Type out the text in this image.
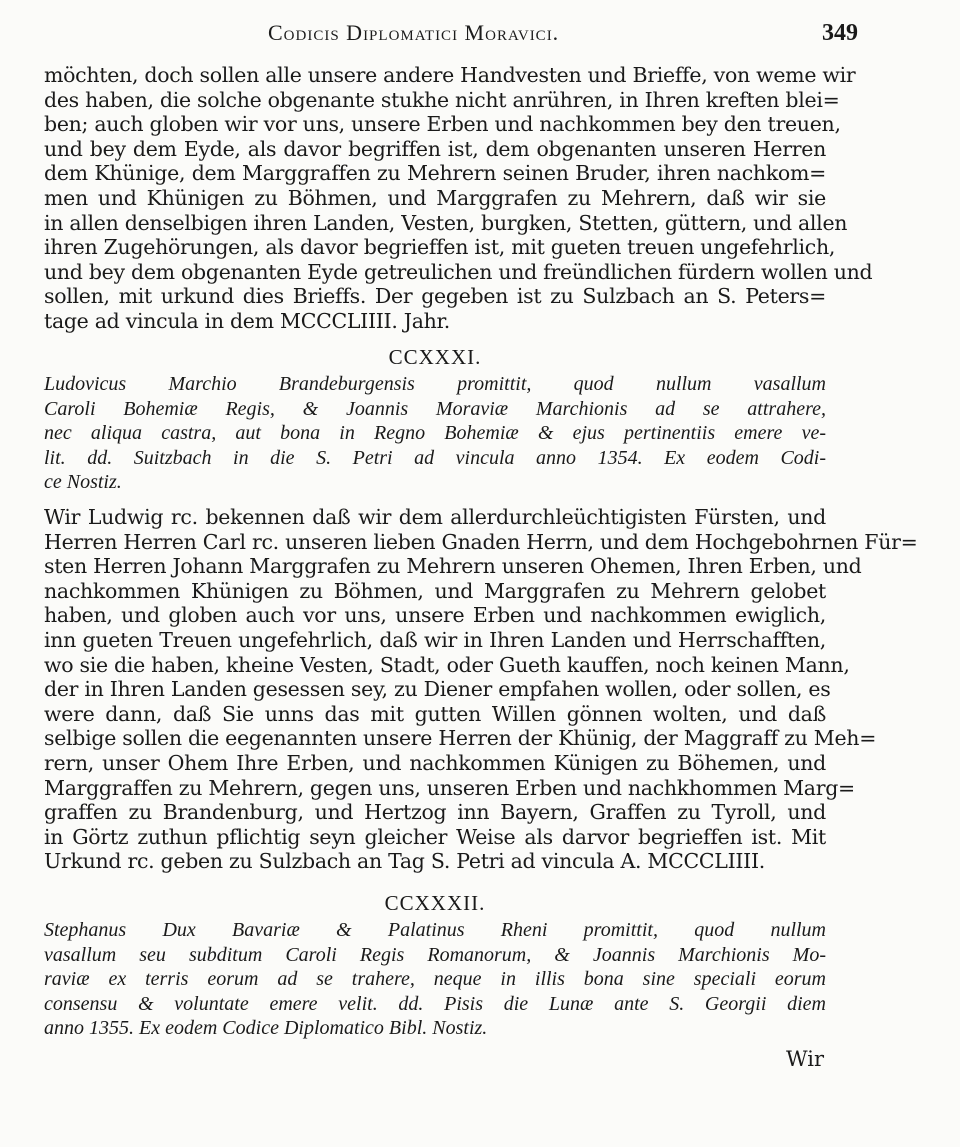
Codicis Diplomatici Moravici.	349
möchten, doch sollen alle unsere andere Handvesten und Brieffe, von weme wir
des haben, die solche obgenante stukhe nicht anrühren, in Ihren kreften blei=
ben; auch globen wir vor uns, unsere Erben und nachkommen bey den treuen,
und bey dem Eyde, als davor begriffen ist, dem obgenanten unseren Herren
dem Khünige, dem Marggraffen zu Mehrern seinen Bruder, ihren nachkom=
men und Khünigen zu Böhmen, und Marggrafen zu Mehrern, daß wir sie
in allen denselbigen ihren Landen, Vesten, burgken, Stetten, güttern, und allen
ihren Zugehörungen, als davor begrieffen ist, mit gueten treuen ungefehrlich,
und bey dem obgenanten Eyde getreulichen und freündlichen fürdern wollen und
sollen, mit urkund dies Brieffs. Der gegeben ist zu Sulzbach an S. Peters=
tage ad vincula in dem MCCCLIIII. Jahr.
CCXXXI.
Ludovicus Marchio Brandeburgensis promittit, quod nullum vasallum
Caroli Bohemiæ Regis, & Joannis Moraviæ Marchionis ad se attrahere,
nec aliqua castra, aut bona in Regno Bohemiæ & ejus pertinentiis emere ve-
lit. dd. Suitzbach in die S. Petri ad vincula anno 1354. Ex eodem Codi-
ce Nostiz.
Wir Ludwig rc. bekennen daß wir dem allerdurchleüchtigisten Fürsten, und
Herren Herren Carl rc. unseren lieben Gnaden Herrn, und dem Hochgebohrnen Für=
sten Herren Johann Marggrafen zu Mehrern unseren Ohemen, Ihren Erben, und
nachkommen Khünigen zu Böhmen, und Marggrafen zu Mehrern gelobet
haben, und globen auch vor uns, unsere Erben und nachkommen ewiglich,
inn gueten Treuen ungefehrlich, daß wir in Ihren Landen und Herrschafften,
wo sie die haben, kheine Vesten, Stadt, oder Gueth kauffen, noch keinen Mann,
der in Ihren Landen gesessen sey, zu Diener empfahen wollen, oder sollen, es
were dann, daß Sie unns das mit gutten Willen gönnen wolten, und daß
selbige sollen die eegenannten unsere Herren der Khünig, der Maggraff zu Meh=
rern, unser Ohem Ihre Erben, und nachkommen Künigen zu Böhemen, und
Marggraffen zu Mehrern, gegen uns, unseren Erben und nachkhommen Marg=
graffen zu Brandenburg, und Hertzog inn Bayern, Graffen zu Tyroll, und
in Görtz zuthun pflichtig seyn gleicher Weise als darvor begrieffen ist. Mit
Urkund rc. geben zu Sulzbach an Tag S. Petri ad vincula A. MCCCLIIII.
CCXXXII.
Stephanus Dux Bavariæ & Palatinus Rheni promittit, quod nullum
vasallum seu subditum Caroli Regis Romanorum, & Joannis Marchionis Mo-
raviæ ex terris eorum ad se trahere, neque in illis bona sine speciali eorum
consensu & voluntate emere velit. dd. Pisis die Lunæ ante S. Georgii diem
anno 1355. Ex eodem Codice Diplomatico Bibl. Nostiz.
Wir
